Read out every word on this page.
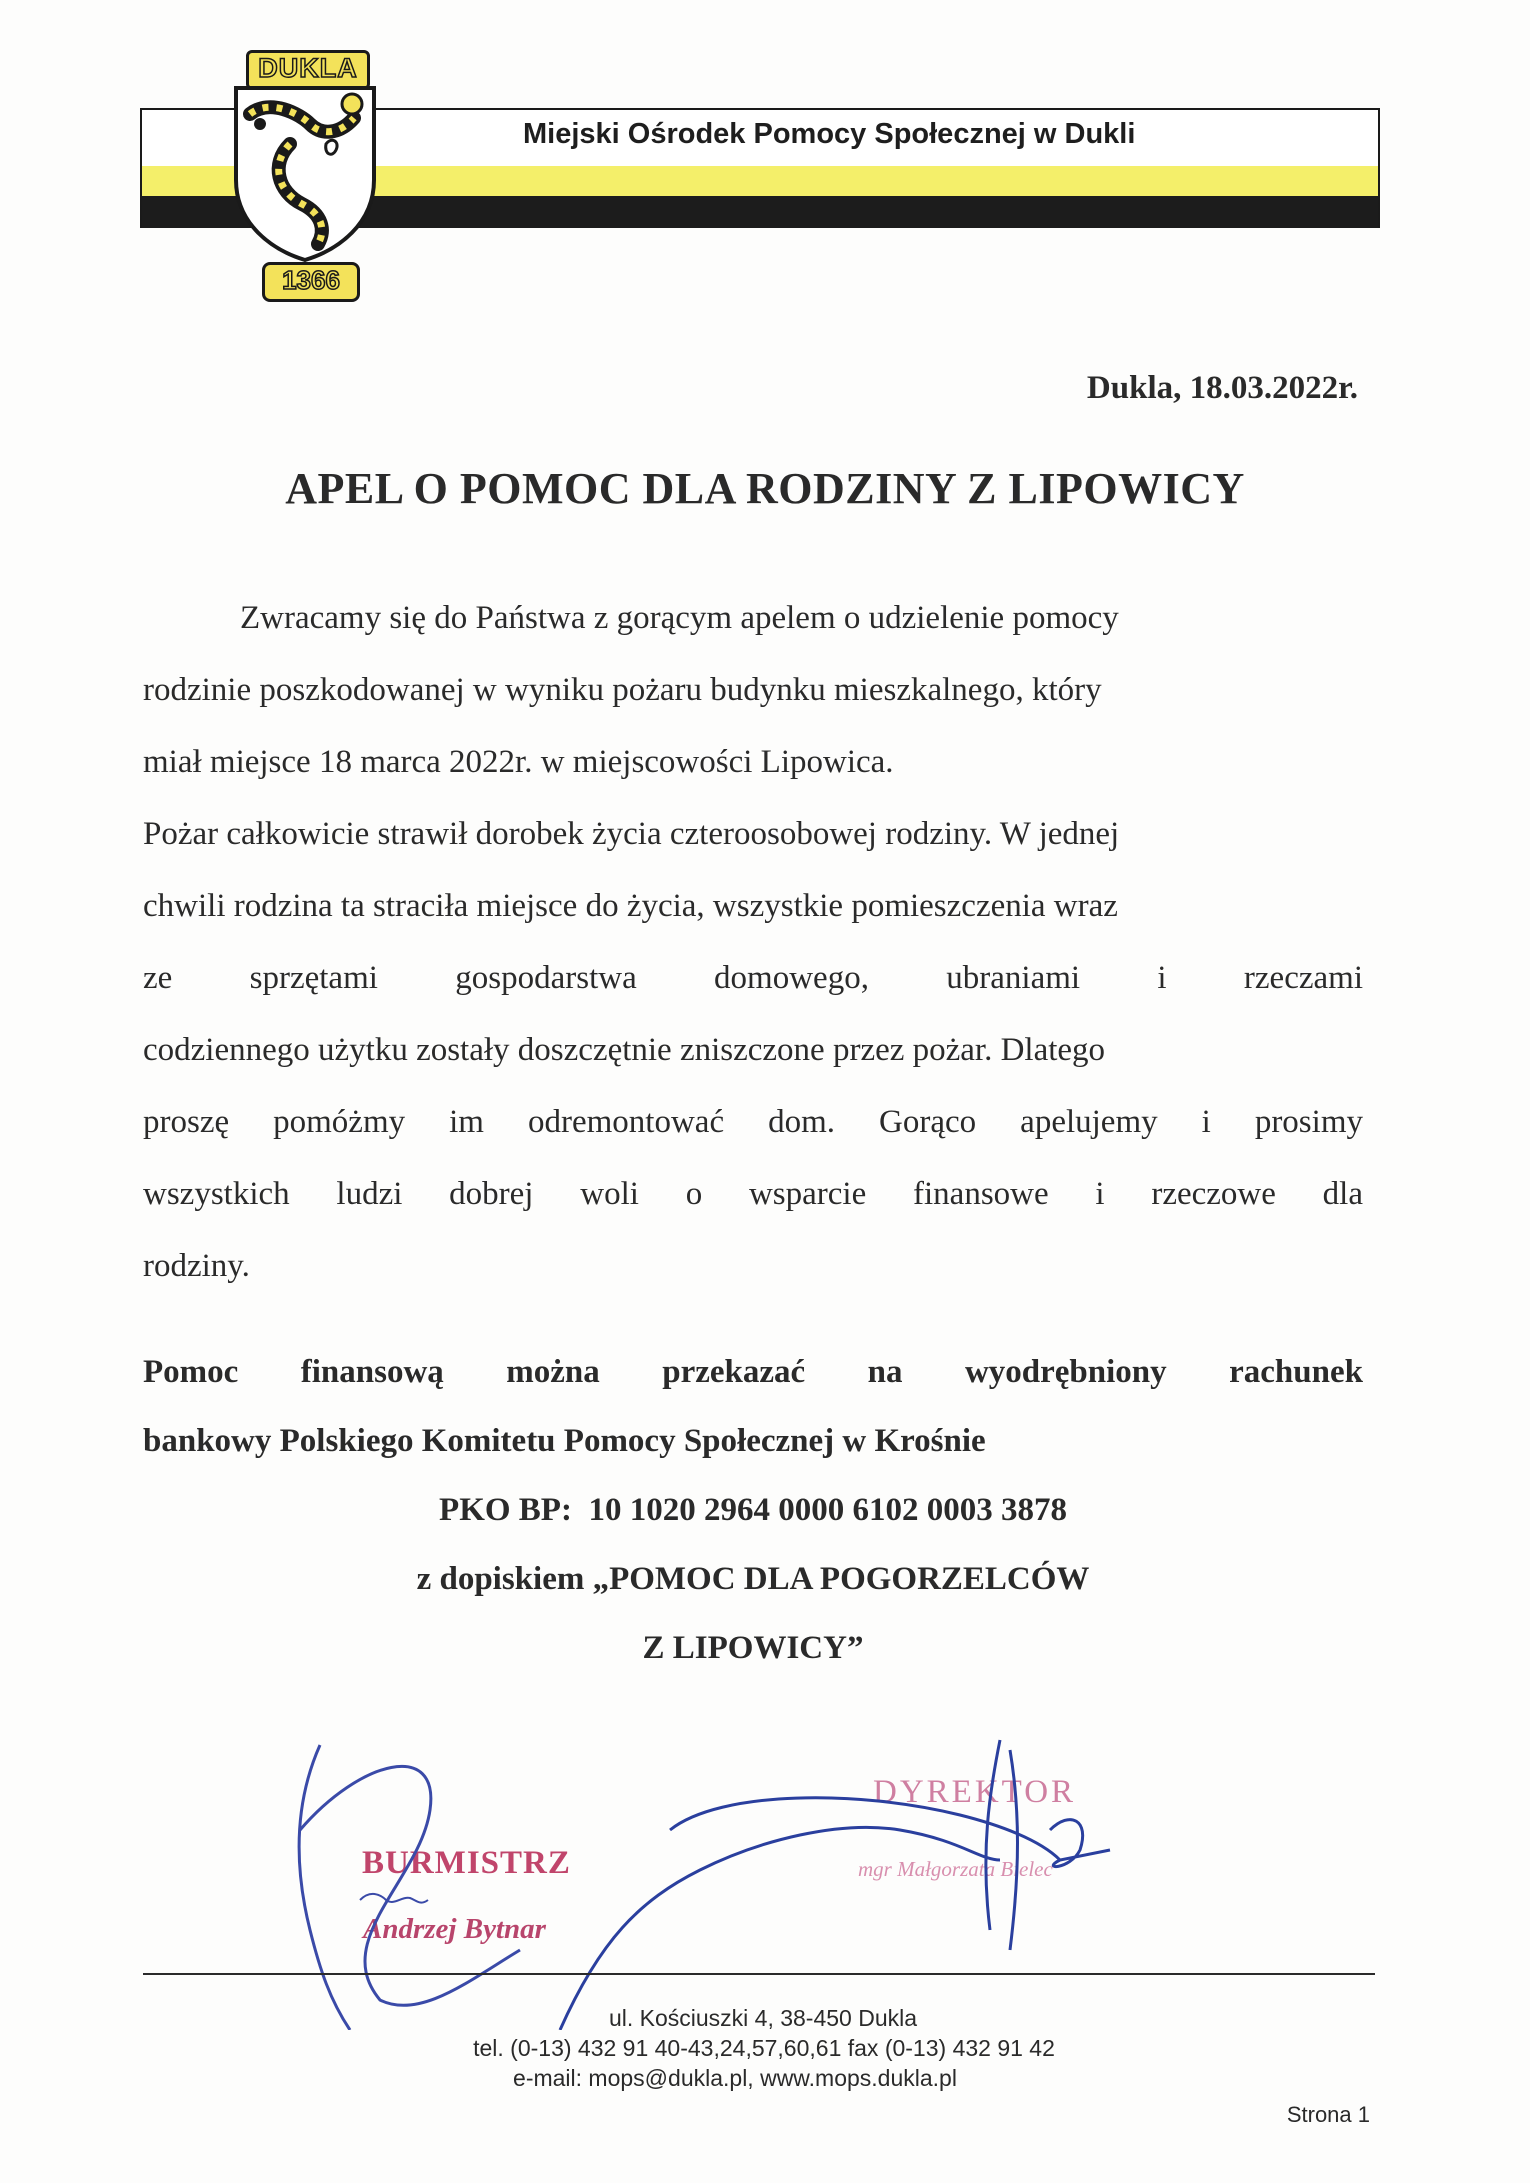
Miejski Ośrodek Pomocy Społecznej w Dukli
DUKLA
1366
Dukla, 18.03.2022r.
APEL O POMOC DLA RODZINY Z LIPOWICY
Zwracamy się do Państwa z gorącym apelem o udzielenie pomocy
rodzinie poszkodowanej w wyniku pożaru budynku mieszkalnego, który
miał miejsce 18 marca 2022r. w miejscowości Lipowica.
Pożar całkowicie strawił dorobek życia czteroosobowej rodziny. W jednej
chwili rodzina ta straciła miejsce do życia, wszystkie pomieszczenia wraz
ze sprzętami gospodarstwa domowego, ubraniami i rzeczami
codziennego użytku zostały doszczętnie zniszczone przez pożar. Dlatego
proszę pomóżmy im odremontować dom. Gorąco apelujemy i prosimy
wszystkich ludzi dobrej woli o wsparcie finansowe i rzeczowe dla
rodziny.
Pomoc finansową można przekazać na wyodrębniony rachunek
bankowy Polskiego Komitetu Pomocy Społecznej w Krośnie
PKO BP:  10 1020 2964 0000 6102 0003 3878
z dopiskiem „POMOC DLA POGORZELCÓW
Z LIPOWICY”
BURMISTRZ
Andrzej Bytnar
DYREKTOR
mgr Małgorzata Bielec
ul. Kościuszki 4, 38-450 Dukla
tel. (0-13) 432 91 40-43,24,57,60,61 fax (0-13) 432 91 42
e-mail: mops@dukla.pl, www.mops.dukla.pl
Strona 1
